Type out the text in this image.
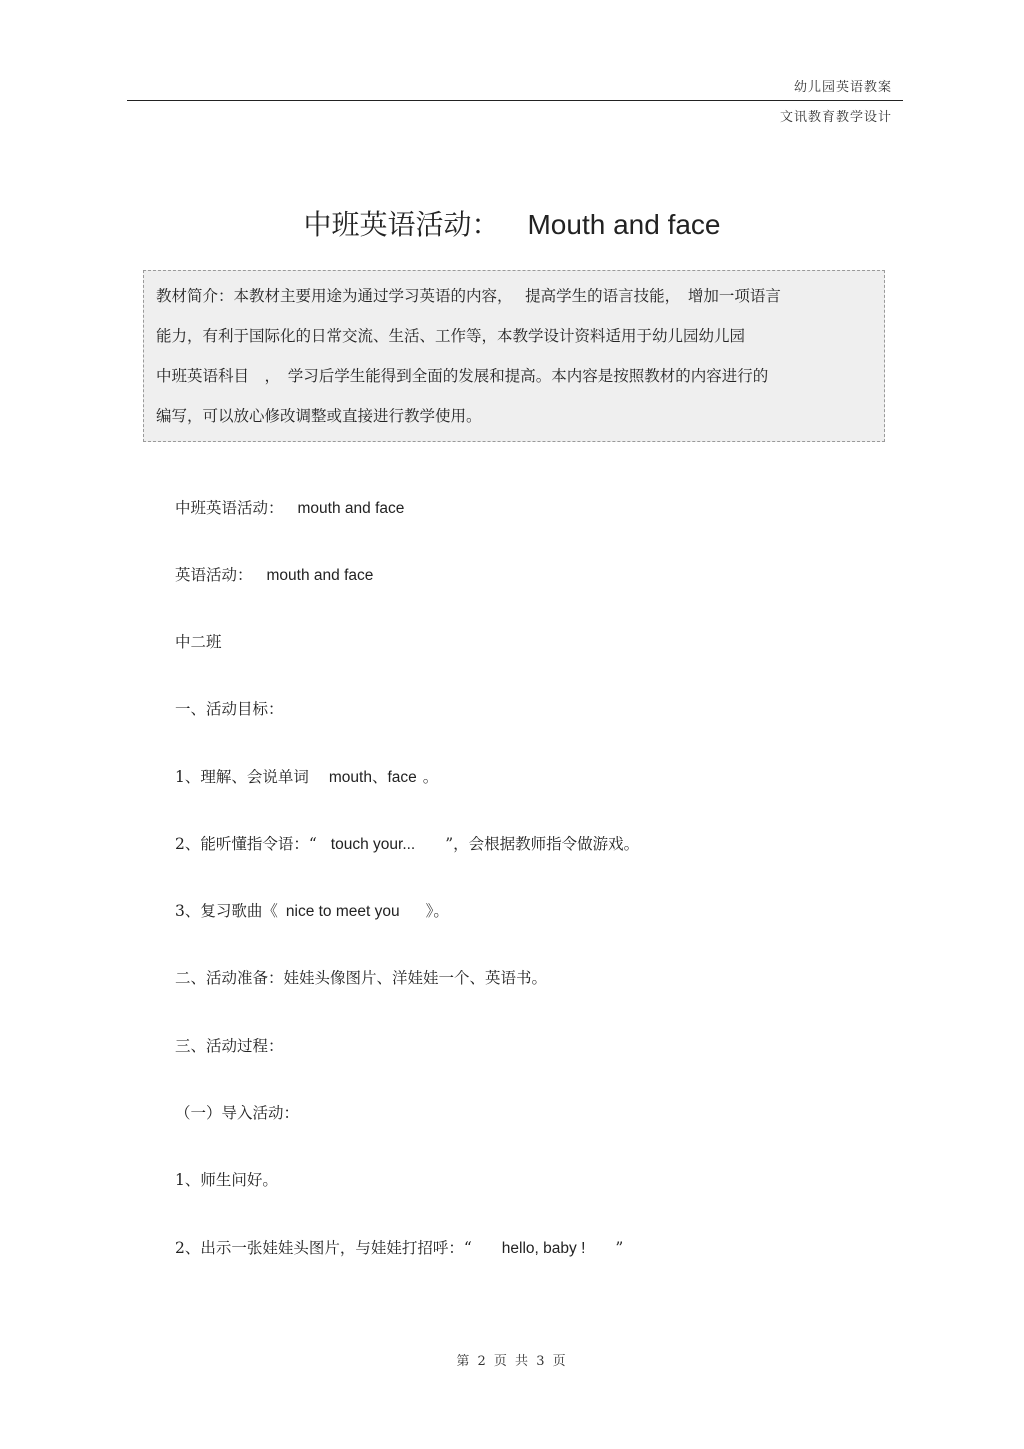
幼儿园英语教案
文讯教育教学设计
中班英语活动： Mouth and face
教材简介：本教材主要用途为通过学习英语的内容，　 提高学生的语言技能，　增加一项语言
能力，有利于国际化的日常交流、生活、工作等，本教学设计资料适用于幼儿园幼儿园
中班英语科目　，　学习后学生能得到全面的发展和提高。本内容是按照教材的内容进行的
编写，可以放心修改调整或直接进行教学使用。
中班英语活动： mouth and face
英语活动： mouth and face
中二班
一、活动目标：
1、理解、会说单词 mouth、face 。
2、能听懂指令语：“ touch your... ”，会根据教师指令做游戏。
3、复习歌曲《 nice to meet you 》。
二、活动准备：娃娃头像图片、洋娃娃一个、英语书。
三、活动过程：
（一）导入活动：
1、师生问好。
2、出示一张娃娃头图片，与娃娃打招呼：“ hello, baby ! ”
第 2 页 共 3 页
